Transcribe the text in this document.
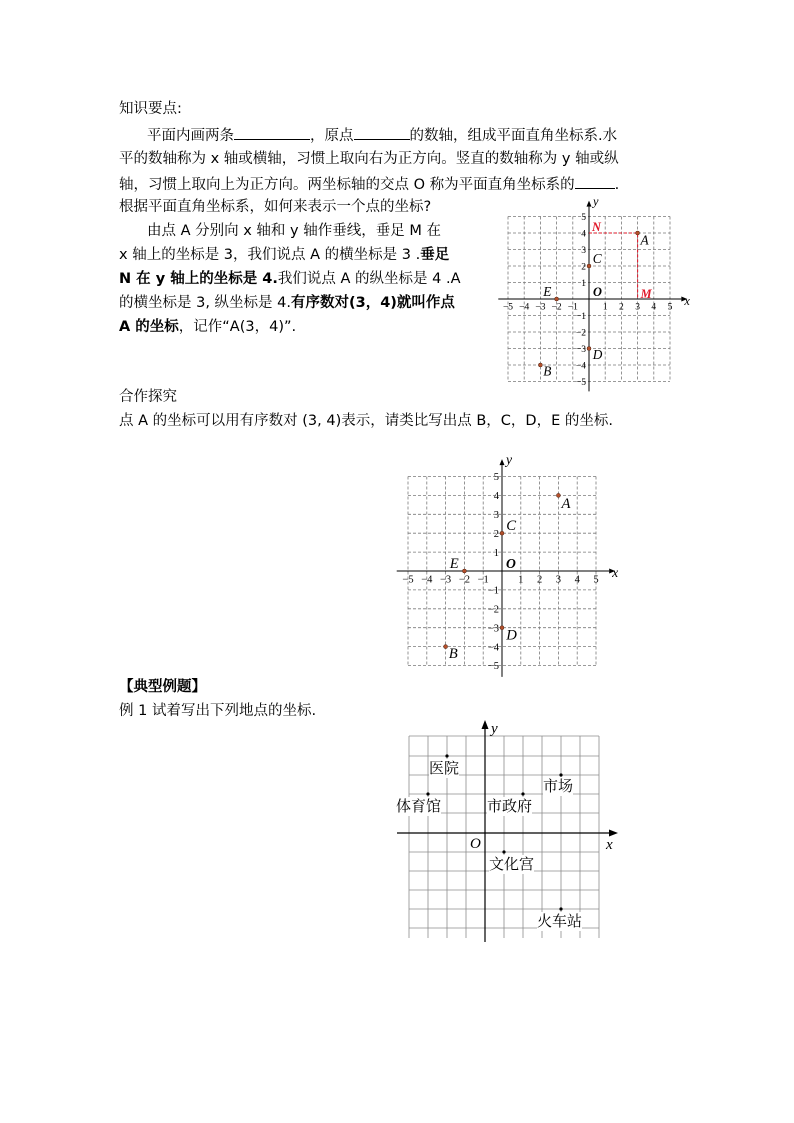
知识要点:
平面内画两条	，原点	的数轴，组成平面直角坐标系.水
平的数轴称为 x 轴或横轴，习惯上取向右为正方向。竖直的数轴称为 y 轴或纵
轴，习惯上取向上为正方向。两坐标轴的交点 O 称为平面直角坐标系的	.
根据平面直角坐标系，如何来表示一个点的坐标?
由点 A 分别向 x 轴和 y 轴作垂线，垂足 M 在
x 轴上的坐标是 3，我们说点 A 的横坐标是 3 .垂足
N 在 y 轴上的坐标是 4.我们说点 A 的纵坐标是 4 .A
的横坐标是 3, 纵坐标是 4.有序数对(3，4)就叫作点
A 的坐标，记作“A(3，4)”.
合作探究
点 A 的坐标可以用有序数对 (3, 4)表示，请类比写出点 B，C，D，E 的坐标.
【典型例题】
例 1 试着写出下列地点的坐标.
x
y
−5 −4 −3 −2 −1	1 2 3 4 5
5
4
3
2
1
−1
−2
−3
−4
−5
O
N
M
A
B
C
D
E
x
y
−5 −4 −3 −2 −1	1 2 3 4 5
5
4
3
2
1
−1
−2
−3
−4
−5
O
A
B
C
D
E
x
y
O
医院
体育馆	市政府
市场
文化宫
火车站
